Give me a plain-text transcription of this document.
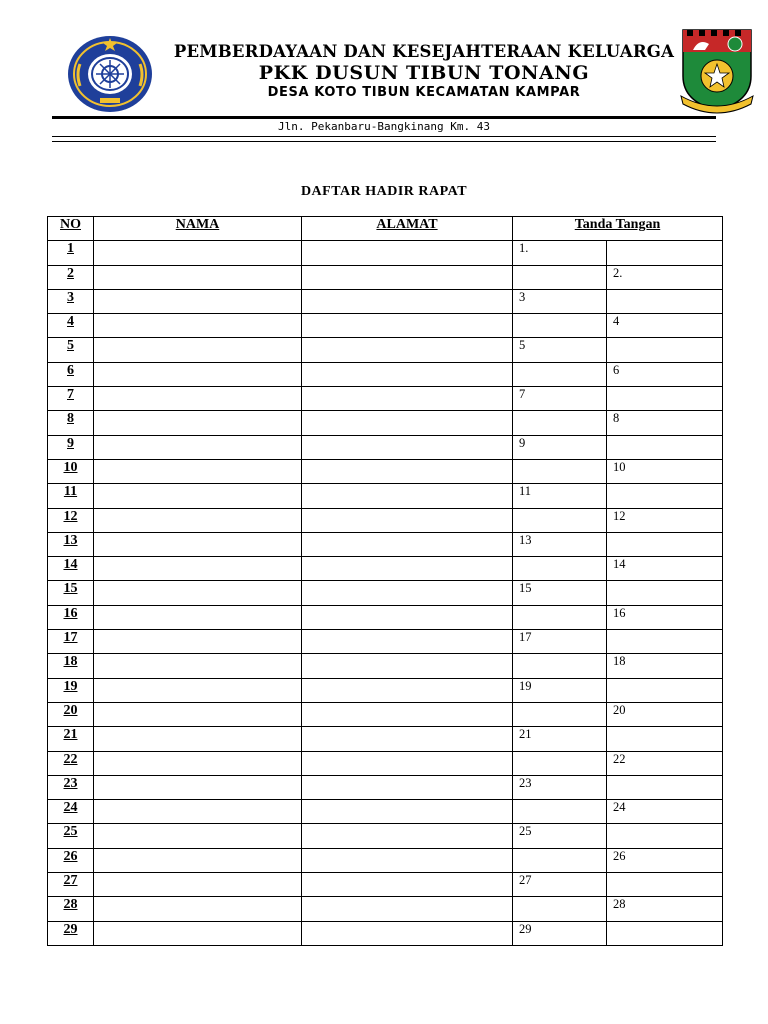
PEMBERDAYAAN DAN KESEJAHTERAAN KELUARGA
PKK DUSUN TIBUN TONANG
DESA KOTO TIBUN KECAMATAN KAMPAR
Jln. Pekanbaru-Bangkinang Km. 43
DAFTAR HADIR RAPAT
NO	NAMA	ALAMAT	Tanda Tangan	
1			1.	
2				2.
3			3	
4				4
5			5	
6				6
7			7	
8				8
9			9	
10				10
11			11	
12				12
13			13	
14				14
15			15	
16				16
17			17	
18				18
19			19	
20				20
21			21	
22				22
23			23	
24				24
25			25	
26				26
27			27	
28				28
29			29	
